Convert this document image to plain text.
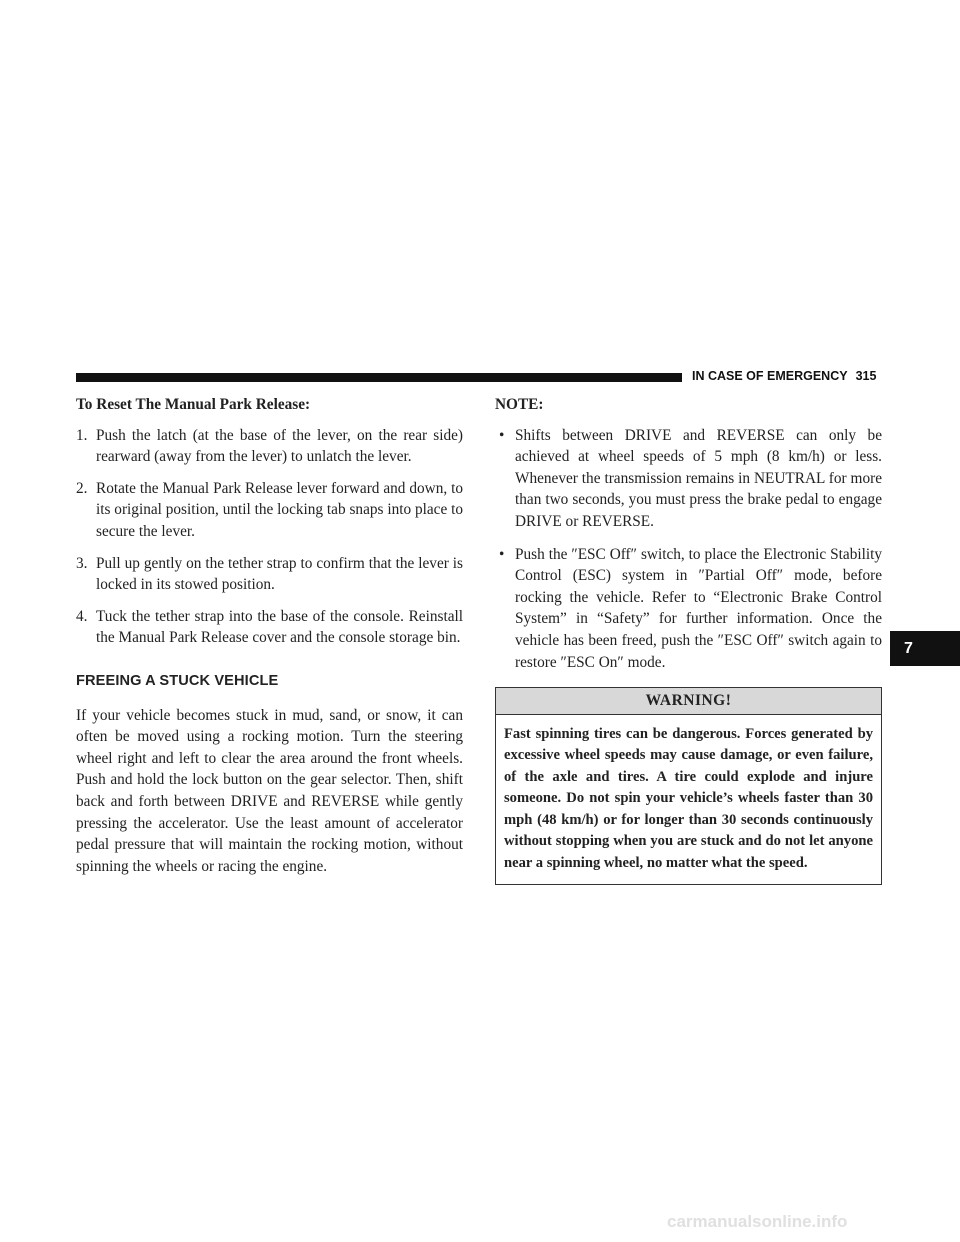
IN CASE OF EMERGENCY 315

To Reset The Manual Park Release:

1. Push the latch (at the base of the lever, on the rear side) rearward (away from the lever) to unlatch the lever.

2. Rotate the Manual Park Release lever forward and down, to its original position, until the locking tab snaps into place to secure the lever.

3. Pull up gently on the tether strap to confirm that the lever is locked in its stowed position.

4. Tuck the tether strap into the base of the console. Reinstall the Manual Park Release cover and the console storage bin.

FREEING A STUCK VEHICLE

If your vehicle becomes stuck in mud, sand, or snow, it can often be moved using a rocking motion. Turn the steering wheel right and left to clear the area around the front wheels. Push and hold the lock button on the gear selector. Then, shift back and forth between DRIVE and REVERSE while gently pressing the accelerator. Use the least amount of accelerator pedal pressure that will maintain the rocking motion, without spinning the wheels or racing the engine.

NOTE:

• Shifts between DRIVE and REVERSE can only be achieved at wheel speeds of 5 mph (8 km/h) or less. Whenever the transmission remains in NEUTRAL for more than two seconds, you must press the brake pedal to engage DRIVE or REVERSE.

• Push the ″ESC Off″ switch, to place the Electronic Stability Control (ESC) system in ″Partial Off″ mode, before rocking the vehicle. Refer to “Electronic Brake Control System” in “Safety” for further information. Once the vehicle has been freed, push the ″ESC Off″ switch again to restore ″ESC On″ mode.

WARNING!
Fast spinning tires can be dangerous. Forces generated by excessive wheel speeds may cause damage, or even failure, of the axle and tires. A tire could explode and injure someone. Do not spin your vehicle’s wheels faster than 30 mph (48 km/h) or for longer than 30 seconds continuously without stopping when you are stuck and do not let anyone near a spinning wheel, no matter what the speed.
7
carmanualsonline.info
